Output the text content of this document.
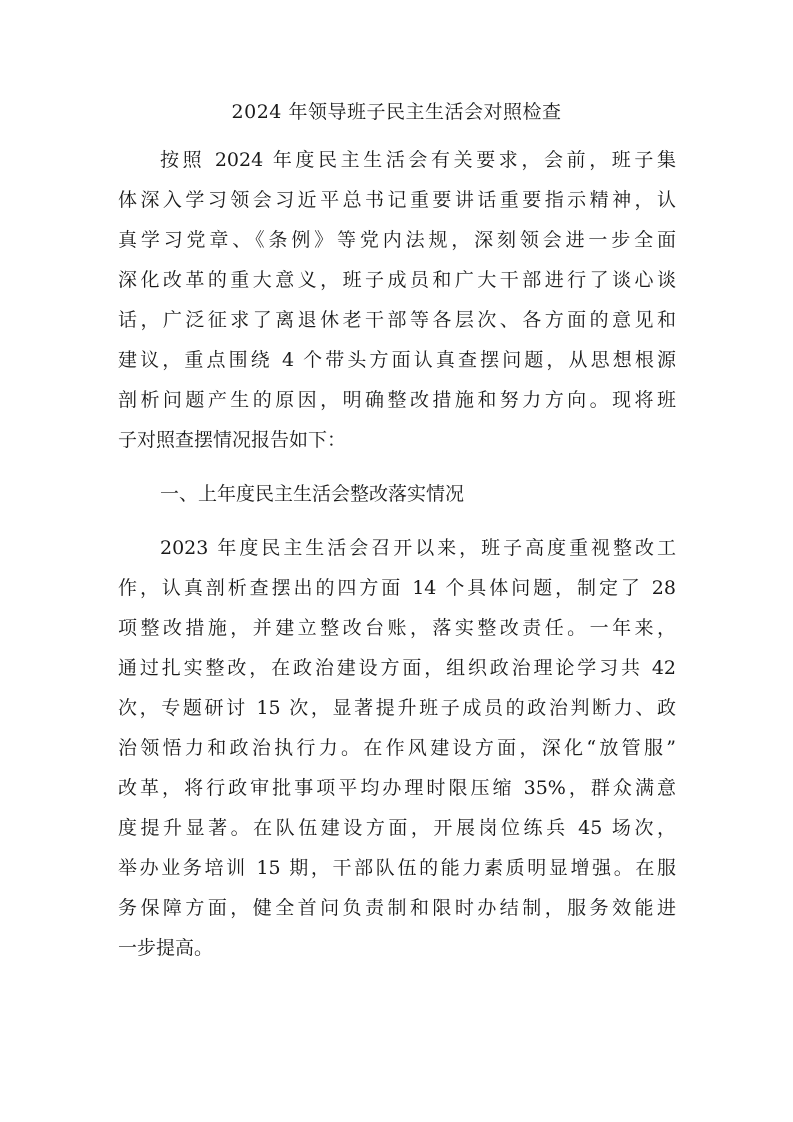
2024 年领导班子民主生活会对照检查
按照 2024 年度民主生活会有关要求，会前，班子集
体深入学习领会习近平总书记重要讲话重要指示精神，认
真学习党章、《条例》等党内法规，深刻领会进一步全面
深化改革的重大意义，班子成员和广大干部进行了谈心谈
话，广泛征求了离退休老干部等各层次、各方面的意见和
建议，重点围绕 4 个带头方面认真查摆问题，从思想根源
剖析问题产生的原因，明确整改措施和努力方向。现将班
子对照查摆情况报告如下：
一、上年度民主生活会整改落实情况
2023 年度民主生活会召开以来，班子高度重视整改工
作，认真剖析查摆出的四方面 14 个具体问题，制定了 28
项整改措施，并建立整改台账，落实整改责任。一年来，
通过扎实整改，在政治建设方面，组织政治理论学习共 42
次，专题研讨 15 次，显著提升班子成员的政治判断力、政
治领悟力和政治执行力。在作风建设方面，深化“放管服”
改革，将行政审批事项平均办理时限压缩 35%，群众满意
度提升显著。在队伍建设方面，开展岗位练兵 45 场次，
举办业务培训 15 期，干部队伍的能力素质明显增强。在服
务保障方面，健全首问负责制和限时办结制，服务效能进
一步提高。
